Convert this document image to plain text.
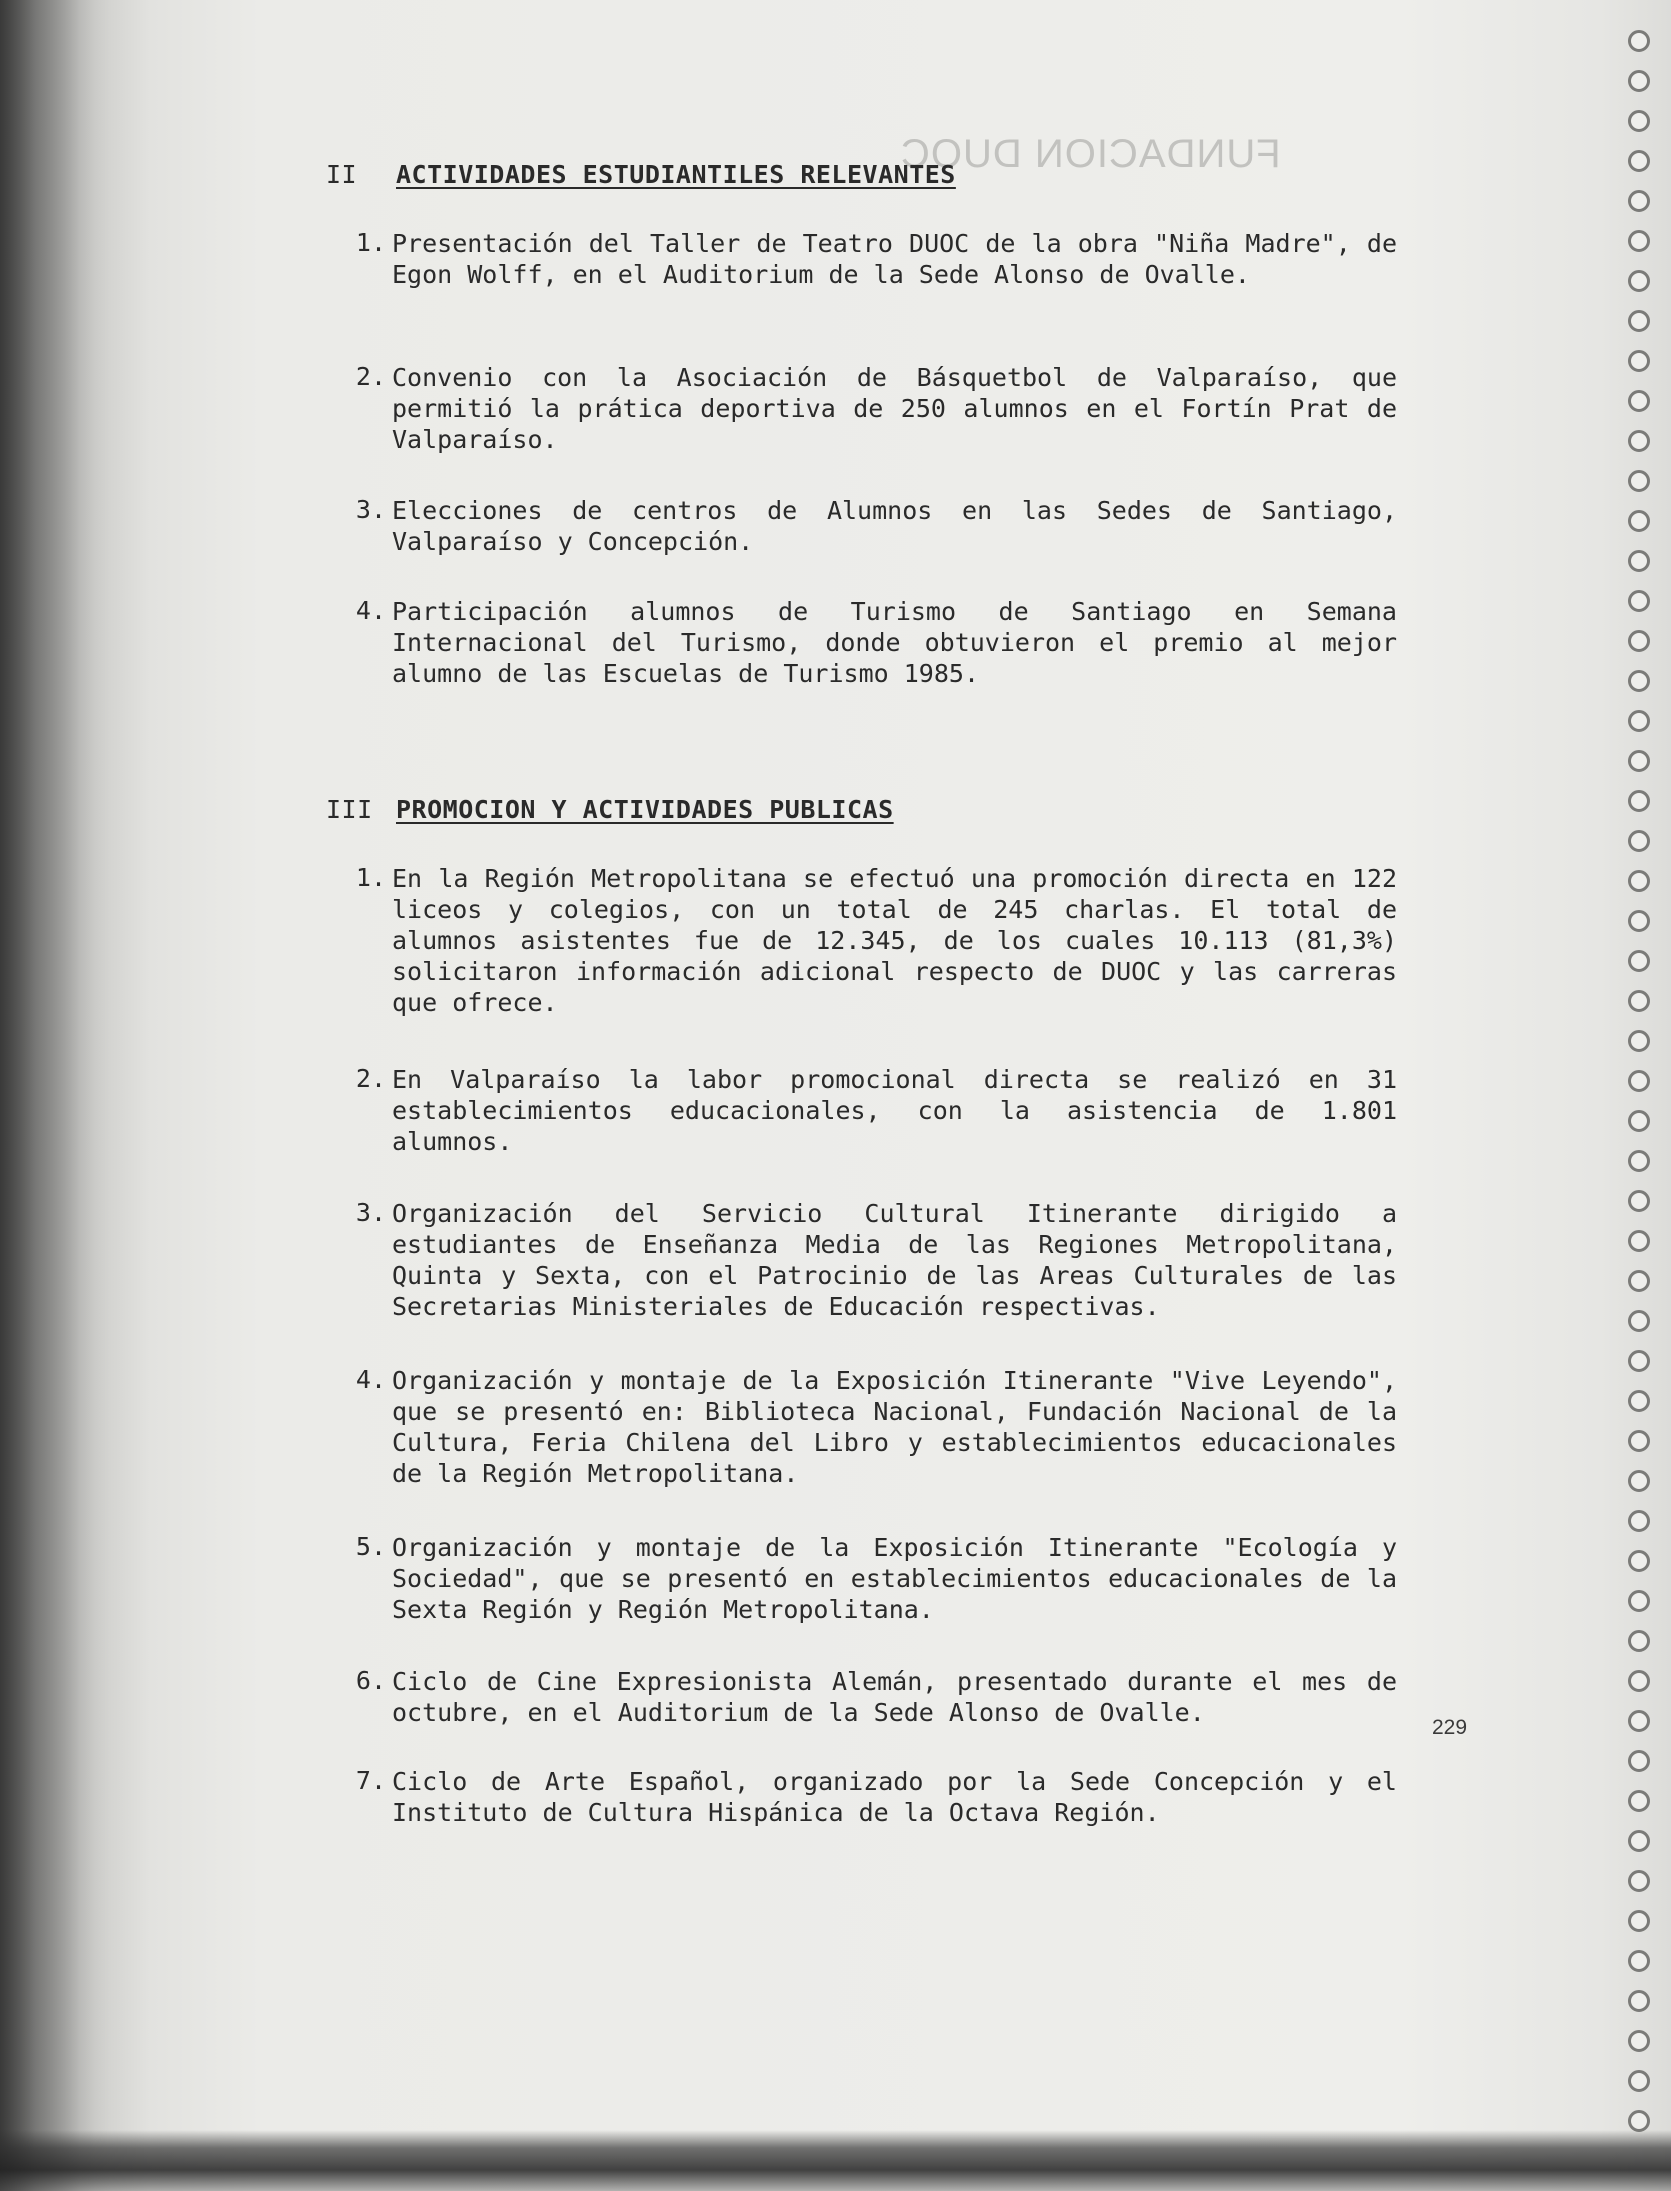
FUNDACION DUOC
II ACTIVIDADES ESTUDIANTILES RELEVANTES
1. Presentación del Taller de Teatro DUOC de la obra "Niña Madre", de Egon Wolff, en el Auditorium de la Sede Alonso de Ovalle.
2. Convenio con la Asociación de Básquetbol de Valparaíso, que permitió la prática deportiva de 250 alumnos en el Fortín Prat de Valparaíso.
3. Elecciones de centros de Alumnos en las Sedes de Santiago, Valparaíso y Concepción.
4. Participación alumnos de Turismo de Santiago en Semana Internacional del Turismo, donde obtuvieron el premio al mejor alumno de las Escuelas de Turismo 1985.
III PROMOCION Y ACTIVIDADES PUBLICAS
1. En la Región Metropolitana se efectuó una promoción directa en 122 liceos y colegios, con un total de 245 charlas. El total de alumnos asistentes fue de 12.345, de los cuales 10.113 (81,3%) solicitaron información adicional respecto de DUOC y las carreras que ofrece.
2. En Valparaíso la labor promocional directa se realizó en 31 establecimientos educacionales, con la asistencia de 1.801 alumnos.
3. Organización del Servicio Cultural Itinerante dirigido a estudiantes de Enseñanza Media de las Regiones Metropolitana, Quinta y Sexta, con el Patrocinio de las Areas Culturales de las Secretarias Ministeriales de Educación respectivas.
4. Organización y montaje de la Exposición Itinerante "Vive Leyendo", que se presentó en: Biblioteca Nacional, Fundación Nacional de la Cultura, Feria Chilena del Libro y establecimientos educacionales de la Región Metropolitana.
5. Organización y montaje de la Exposición Itinerante "Ecología y Sociedad", que se presentó en establecimientos educacionales de la Sexta Región y Región Metropolitana.
6. Ciclo de Cine Expresionista Alemán, presentado durante el mes de octubre, en el Auditorium de la Sede Alonso de Ovalle.
7. Ciclo de Arte Español, organizado por la Sede Concepción y el Instituto de Cultura Hispánica de la Octava Región.
229
